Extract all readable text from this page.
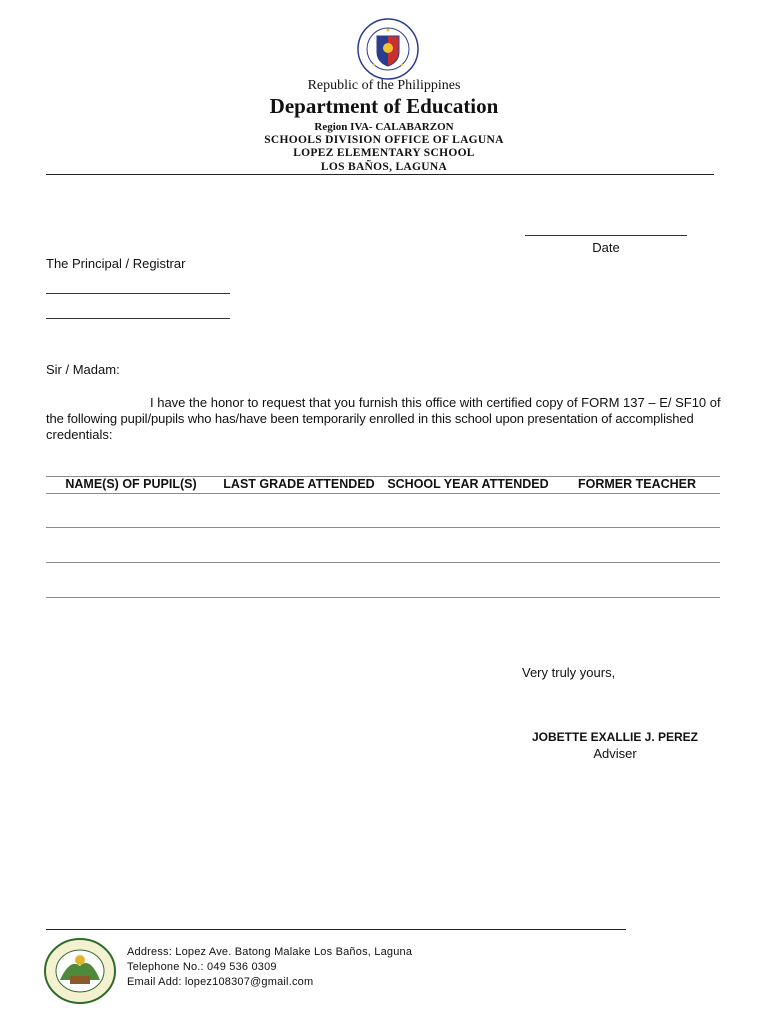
Republic of the Philippines
Department of Education
Region IVA- CALABARZON
SCHOOLS DIVISION OFFICE OF LAGUNA
LOPEZ ELEMENTARY SCHOOL
LOS BAÑOS, LAGUNA
Date
The Principal / Registrar
Sir / Madam:
I have the honor to request that you furnish this office with certified copy of FORM 137 – E/ SF10 of
the following pupil/pupils who has/have been temporarily enrolled in this school upon presentation of accomplished
credentials:
NAME(S) OF PUPIL(S)	LAST GRADE ATTENDED	SCHOOL YEAR ATTENDED	FORMER TEACHER
Very truly yours,
JOBETTE EXALLIE J. PEREZ
Adviser
Address: Lopez Ave. Batong Malake Los Baños, Laguna
Telephone No.: 049 536 0309
Email Add: lopez108307@gmail.com
